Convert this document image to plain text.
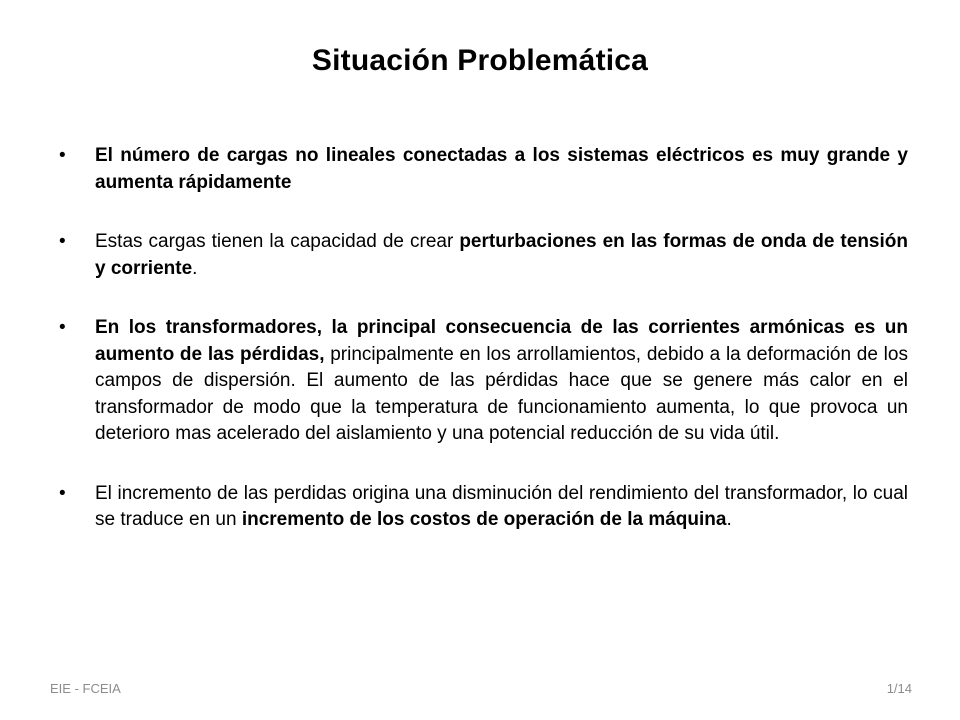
Situación Problemática
• El número de cargas no lineales conectadas a los sistemas eléctricos es muy grande y aumenta rápidamente
• Estas cargas tienen la capacidad de crear perturbaciones en las formas de onda de tensión y corriente.
• En los transformadores, la principal consecuencia de las corrientes armónicas es un aumento de las pérdidas, principalmente en los arrollamientos, debido a la deformación de los campos de dispersión. El aumento de las pérdidas hace que se genere más calor en el transformador de modo que la temperatura de funcionamiento aumenta, lo que provoca un deterioro mas acelerado del aislamiento y una potencial reducción de su vida útil.
• El incremento de las perdidas origina una disminución del rendimiento del transformador, lo cual se traduce en un incremento de los costos de operación de la máquina.
EIE - FCEIA	1/14
